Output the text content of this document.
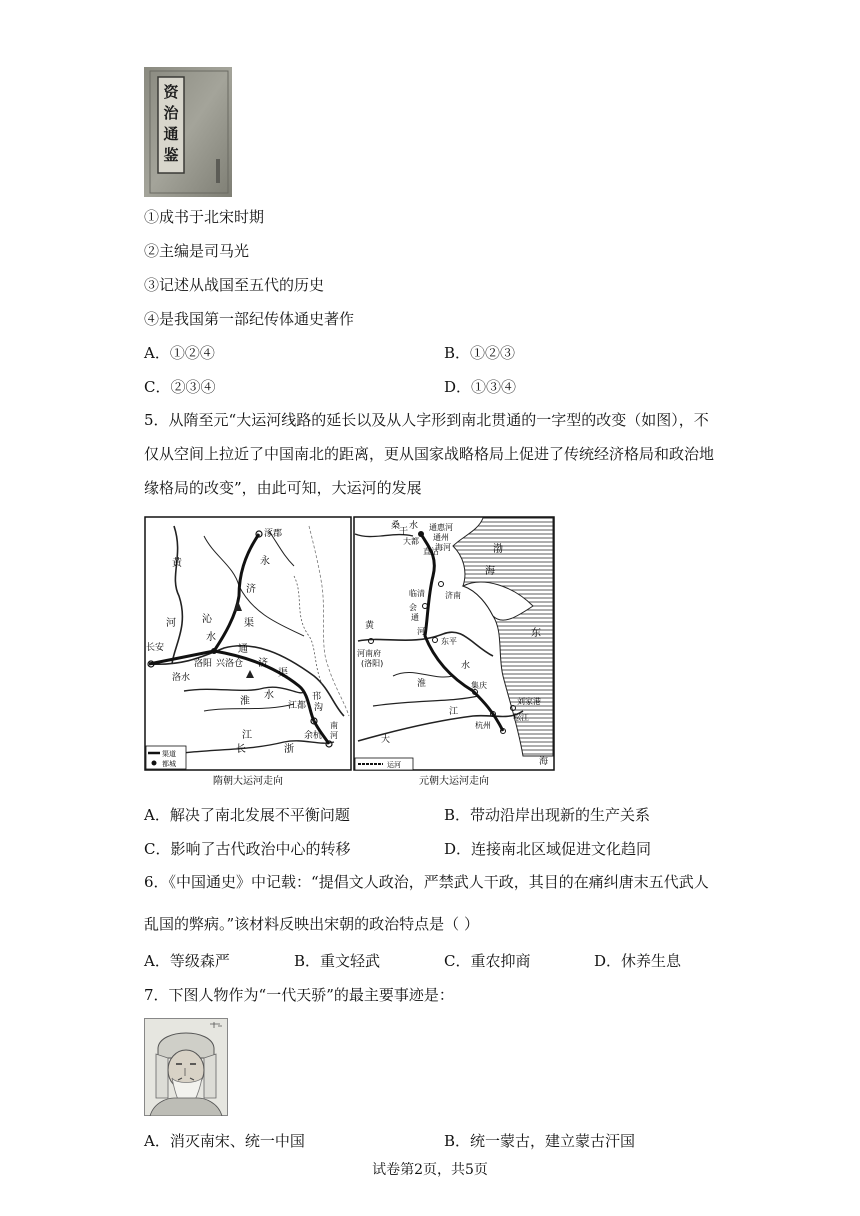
资
治
通
鉴
①成书于北宋时期
②主编是司马光
③记述从战国至五代的历史
④是我国第一部纪传体通史著作
A．①②④	B．①②③
C．②③④	D．①③④
5．从隋至元“大运河线路的延长以及从人字形到南北贯通的一字型的改变（如图），不
仅从空间上拉近了中国南北的距离，更从国家战略格局上促进了传统经济格局和政治地
缘格局的改变”，由此可知，大运河的发展
涿郡
黄
河
永
济
沁
水
渠
长安
洛水
洛阳 兴洛仓
通
济
渠
淮
水	邗
沟
江都
长
江
浙
余杭
南
河
渠道
都城
隋朝大运河走向
桑
干
水 通惠河
大都 通州
直沽
海河	渤
海
济南
临清
会
通
河
东平
黄
河南府
(洛阳)	水
淮	集庆
东
江
刘家港
松江
杭州
大
海
运河
元朝大运河走向
A．解决了南北发展不平衡问题	B．带动沿岸出现新的生产关系
C．影响了古代政治中心的转移	D．连接南北区域促进文化趋同
6．《中国通史》中记载：“提倡文人政治，严禁武人干政，其目的在痛纠唐末五代武人
乱国的弊病。”该材料反映出宋朝的政治特点是（ ）
A．等级森严	B．重文轻武	C．重农抑商	D．休养生息
7．下图人物作为“一代天骄”的最主要事迹是：
A．消灭南宋、统一中国	B．统一蒙古，建立蒙古汗国
试卷第2页，共5页
